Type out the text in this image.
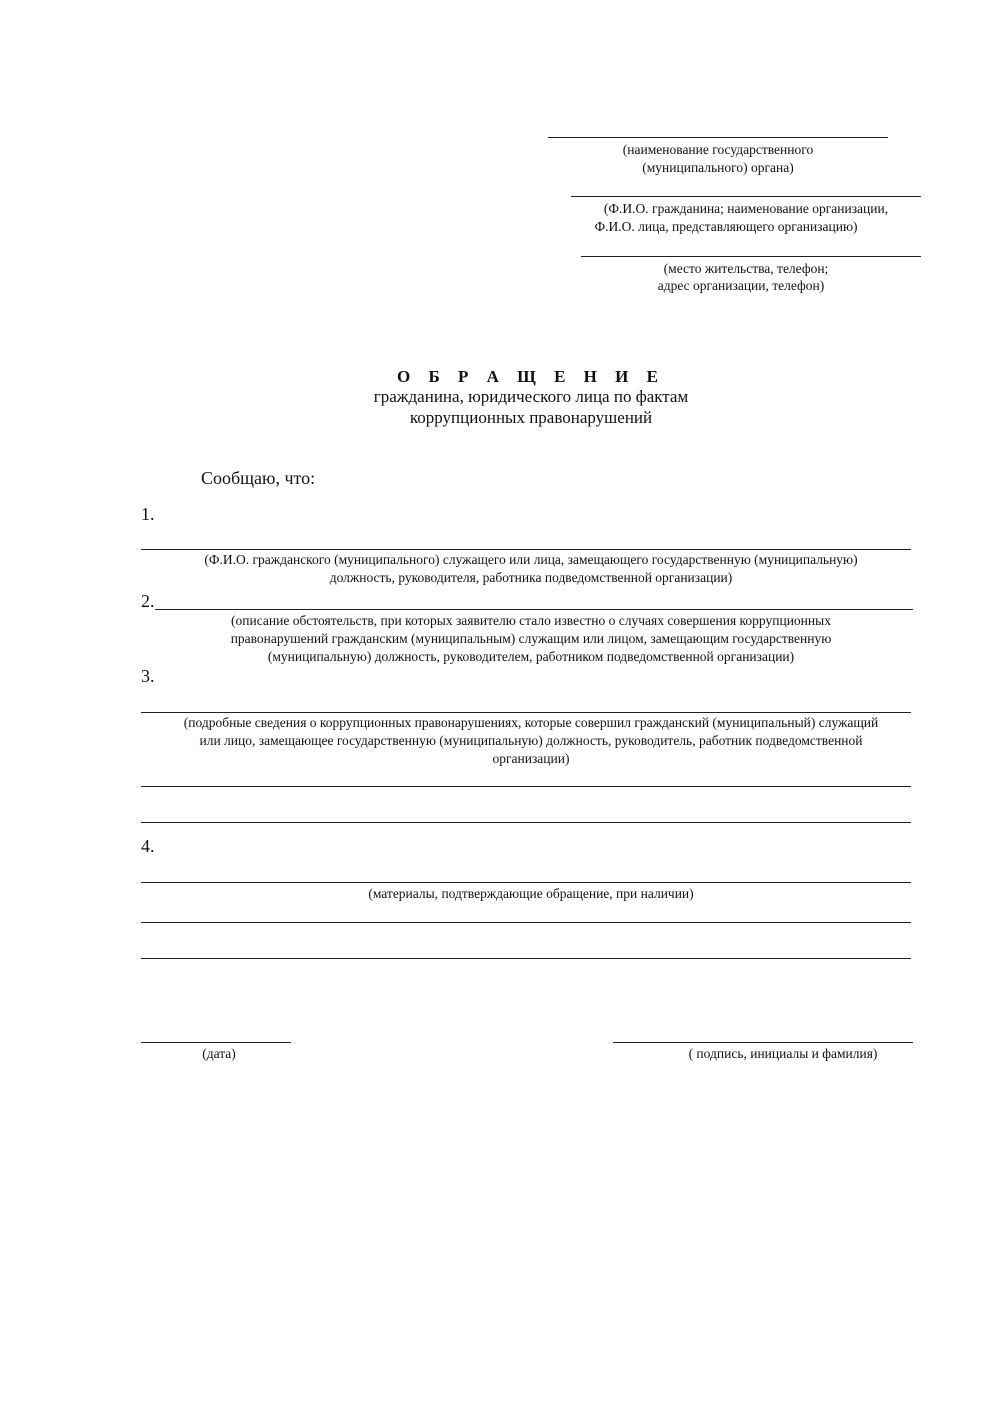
(наименование государственного
(муниципального) органа)
(Ф.И.О. гражданина; наименование организации,
Ф.И.О. лица, представляющего организацию)
(место жительства, телефон;
адрес организации, телефон)
О Б Р А Щ Е Н И Е
гражданина, юридического лица по фактам
коррупционных правонарушений
Сообщаю, что:
1.
(Ф.И.О. гражданского (муниципального) служащего или лица, замещающего государственную (муниципальную)
должность, руководителя, работника подведомственной организации)
2.
(описание обстоятельств, при которых заявителю стало известно о случаях совершения коррупционных
правонарушений гражданским (муниципальным) служащим или лицом, замещающим государственную
(муниципальную) должность, руководителем, работником подведомственной организации)
3.
(подробные сведения о коррупционных правонарушениях, которые совершил гражданский (муниципальный) служащий
или лицо, замещающее государственную (муниципальную) должность, руководитель, работник подведомственной
организации)
4.
(материалы, подтверждающие обращение, при наличии)
(дата)	( подпись, инициалы и фамилия)
